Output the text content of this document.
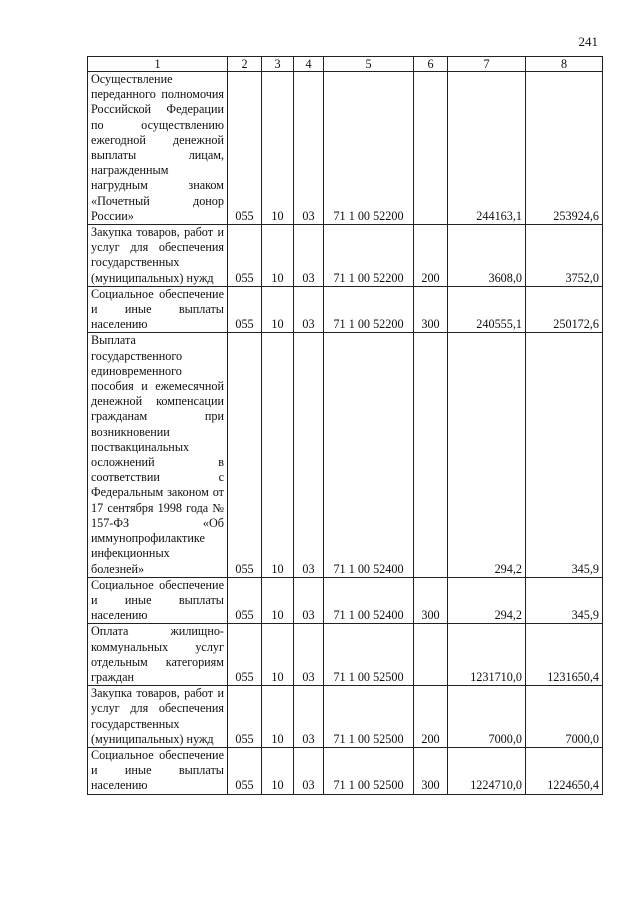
241
1	2	3	4	5	6	7	8
Осуществление переданного полномочия Российской Федерации по осуществлению ежегодной денежной выплаты лицам, награжденным нагрудным знаком «Почетный донор России»	055	10	03	71 1 00 52200		244163,1	253924,6
Закупка товаров, работ и услуг для обеспечения государственных (муниципальных) нужд	055	10	03	71 1 00 52200	200	3608,0	3752,0
Социальное обеспечение и иные выплаты населению	055	10	03	71 1 00 52200	300	240555,1	250172,6
Выплата государственного единовременного пособия и ежемесячной денежной компенсации гражданам при возникновении поствакцинальных осложнений в соответствии с Федеральным законом от 17 сентября 1998 года № 157-ФЗ «Об иммунопрофилактике инфекционных болезней»	055	10	03	71 1 00 52400		294,2	345,9
Социальное обеспечение и иные выплаты населению	055	10	03	71 1 00 52400	300	294,2	345,9
Оплата жилищно-коммунальных услуг отдельным категориям граждан	055	10	03	71 1 00 52500		1231710,0	1231650,4
Закупка товаров, работ и услуг для обеспечения государственных (муниципальных) нужд	055	10	03	71 1 00 52500	200	7000,0	7000,0
Социальное обеспечение и иные выплаты населению	055	10	03	71 1 00 52500	300	1224710,0	1224650,4
